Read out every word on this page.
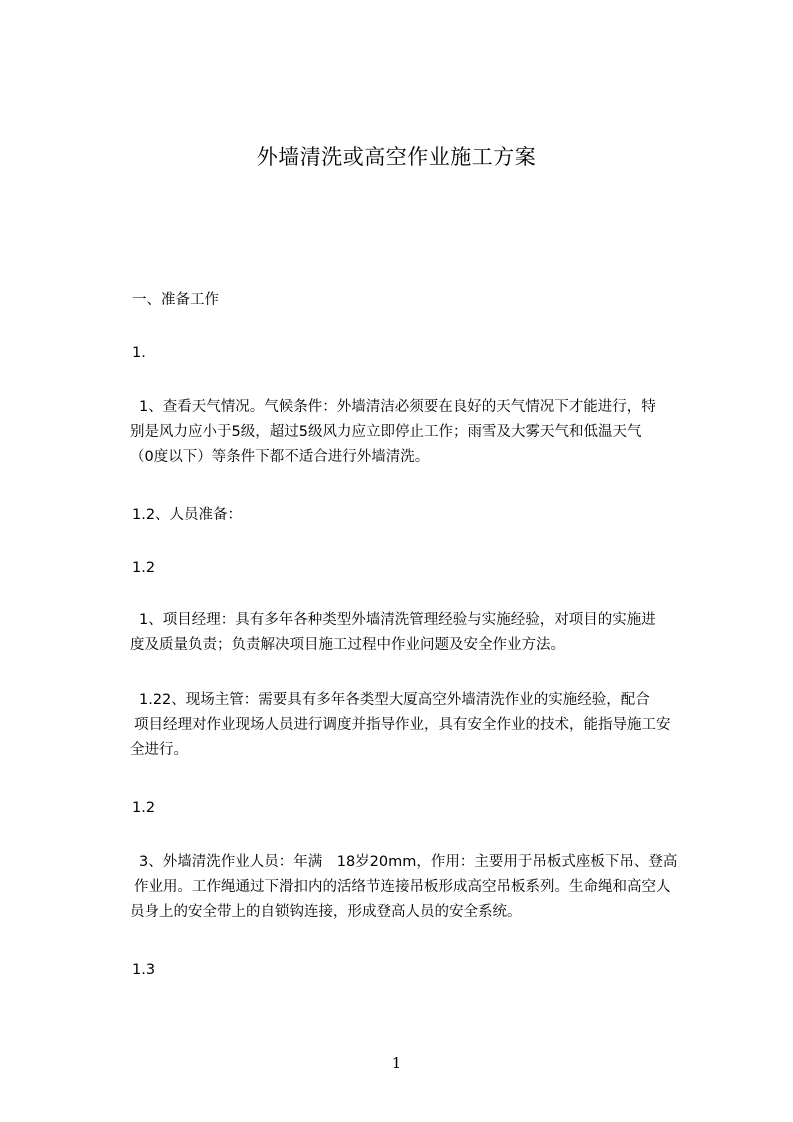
外墙清洗或高空作业施工方案
一、准备工作
1.
1、查看天气情况。气候条件：外墙清洁必须要在良好的天气情况下才能进行，特
别是风力应小于5级，超过5级风力应立即停止工作；雨雪及大雾天气和低温天气
（0度以下）等条件下都不适合进行外墙清洗。
1.2、人员准备：
1.2
1、项目经理：具有多年各种类型外墙清洗管理经验与实施经验，对项目的实施进
度及质量负责；负责解决项目施工过程中作业问题及安全作业方法。
1.22、现场主管：需要具有多年各类型大厦高空外墙清洗作业的实施经验，配合
项目经理对作业现场人员进行调度并指导作业，具有安全作业的技术，能指导施工安
全进行。
1.2
3、外墙清洗作业人员：年满　18岁20mm，作用：主要用于吊板式座板下吊、登高
作业用。工作绳通过下滑扣内的活络节连接吊板形成高空吊板系列。生命绳和高空人
员身上的安全带上的自锁钩连接，形成登高人员的安全系统。
1.3
1
